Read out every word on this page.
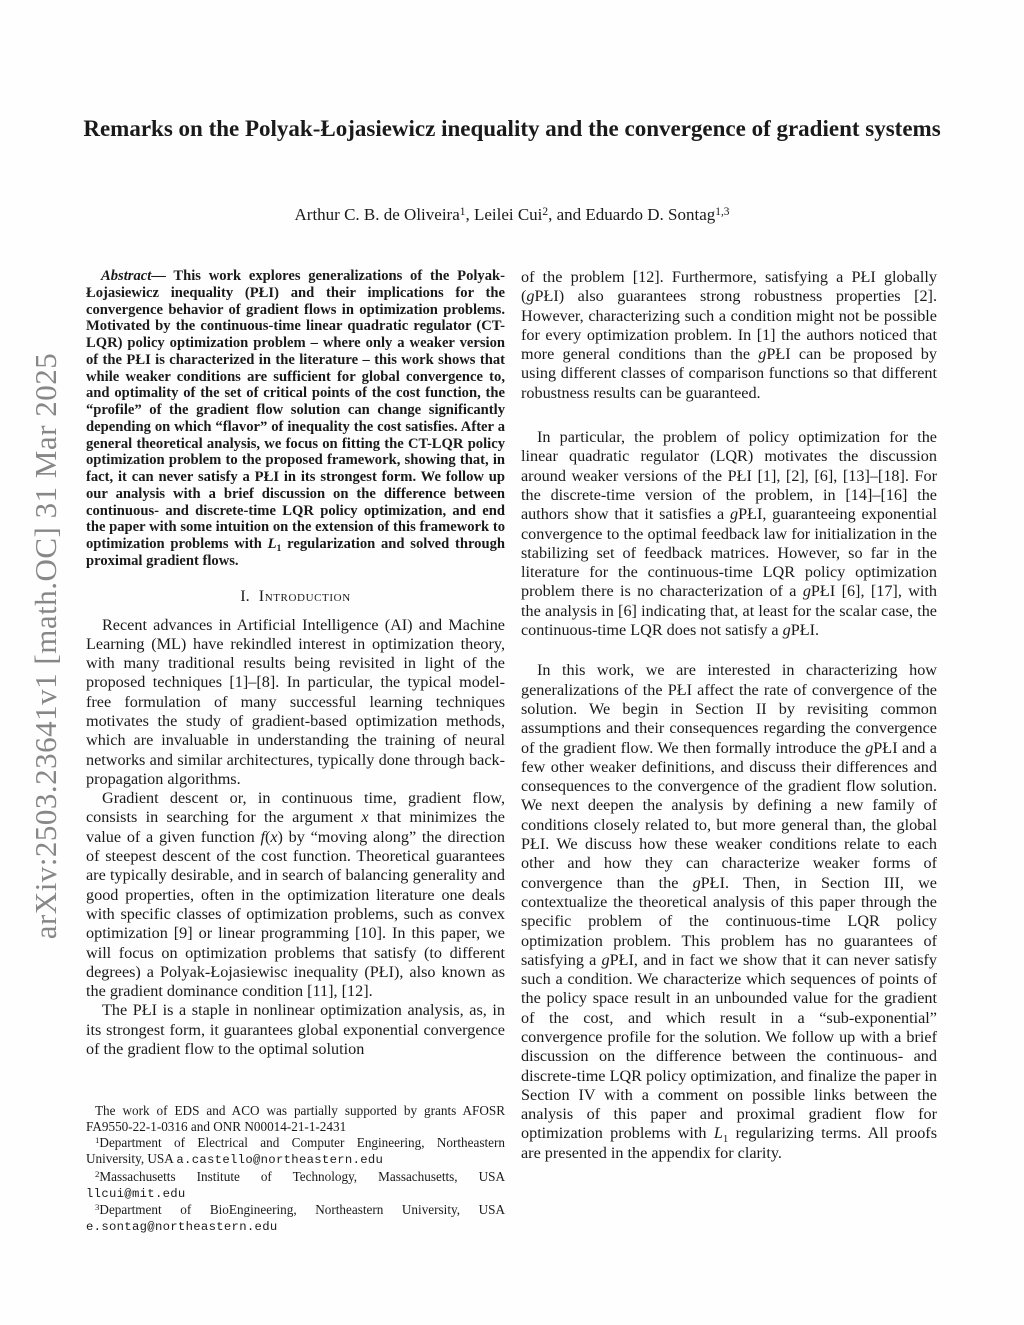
arXiv:2503.23641v1 [math.OC] 31 Mar 2025
Remarks on the Polyak-Łojasiewicz inequality and the convergence of gradient systems
Arthur C. B. de Oliveira$^1$, Leilei Cui$^2$, and Eduardo D. Sontag$^{1,3}$

Abstract— This work explores generalizations of the Polyak-Łojasiewicz inequality (PŁI) and their implications for the convergence behavior of gradient flows in optimization problems. Motivated by the continuous-time linear quadratic regulator (CT-LQR) policy optimization problem – where only a weaker version of the PŁI is characterized in the literature – this work shows that while weaker conditions are sufficient for global convergence to, and optimality of the set of critical points of the cost function, the “profile” of the gradient flow solution can change significantly depending on which “flavor” of inequality the cost satisfies. After a general theoretical analysis, we focus on fitting the CT-LQR policy optimization problem to the proposed framework, showing that, in fact, it can never satisfy a PŁI in its strongest form. We follow up our analysis with a brief discussion on the difference between continuous- and discrete-time LQR policy optimization, and end the paper with some intuition on the extension of this framework to optimization problems with L1 regularization and solved through proximal gradient flows.

I. Introduction

Recent advances in Artificial Intelligence (AI) and Machine Learning (ML) have rekindled interest in optimization theory, with many traditional results being revisited in light of the proposed techniques [1]–[8]. In particular, the typical model-free formulation of many successful learning techniques motivates the study of gradient-based optimization methods, which are invaluable in understanding the training of neural networks and similar architectures, typically done through back-propagation algorithms.

Gradient descent or, in continuous time, gradient flow, consists in searching for the argument x that minimizes the value of a given function f(x) by “moving along” the direction of steepest descent of the cost function. Theoretical guarantees are typically desirable, and in search of balancing generality and good properties, often in the optimization literature one deals with specific classes of optimization problems, such as convex optimization [9] or linear programming [10]. In this paper, we will focus on optimization problems that satisfy (to different degrees) a Polyak-Łojasiewisc inequality (PŁI), also known as the gradient dominance condition [11], [12].

The PŁI is a staple in nonlinear optimization analysis, as, in its strongest form, it guarantees global exponential convergence of the gradient flow to the optimal solution

of the problem [12]. Furthermore, satisfying a PŁI globally (gPŁI) also guarantees strong robustness properties [2]. However, characterizing such a condition might not be possible for every optimization problem. In [1] the authors noticed that more general conditions than the gPŁI can be proposed by using different classes of comparison functions so that different robustness results can be guaranteed.

In particular, the problem of policy optimization for the linear quadratic regulator (LQR) motivates the discussion around weaker versions of the PŁI [1], [2], [6], [13]–[18]. For the discrete-time version of the problem, in [14]–[16] the authors show that it satisfies a gPŁI, guaranteeing exponential convergence to the optimal feedback law for initialization in the stabilizing set of feedback matrices. However, so far in the literature for the continuous-time LQR policy optimization problem there is no characterization of a gPŁI [6], [17], with the analysis in [6] indicating that, at least for the scalar case, the continuous-time LQR does not satisfy a gPŁI.

In this work, we are interested in characterizing how generalizations of the PŁI affect the rate of convergence of the solution. We begin in Section II by revisiting common assumptions and their consequences regarding the convergence of the gradient flow. We then formally introduce the gPŁI and a few other weaker definitions, and discuss their differences and consequences to the convergence of the gradient flow solution. We next deepen the analysis by defining a new family of conditions closely related to, but more general than, the global PŁI. We discuss how these weaker conditions relate to each other and how they can characterize weaker forms of convergence than the gPŁI. Then, in Section III, we contextualize the theoretical analysis of this paper through the specific problem of the continuous-time LQR policy optimization problem. This problem has no guarantees of satisfying a gPŁI, and in fact we show that it can never satisfy such a condition. We characterize which sequences of points of the policy space result in an unbounded value for the gradient of the cost, and which result in a “sub-exponential” convergence profile for the solution. We follow up with a brief discussion on the difference between the continuous- and discrete-time LQR policy optimization, and finalize the paper in Section IV with a comment on possible links between the analysis of this paper and proximal gradient flow for optimization problems with L1 regularizing terms. All proofs are presented in the appendix for clarity.

The work of EDS and ACO was partially supported by grants AFOSR FA9550-22-1-0316 and ONR N00014-21-1-2431

$^1$Department of Electrical and Computer Engineering, Northeastern University, USA a.castello@northeastern.edu

$^2$Massachusetts Institute of Technology, Massachusetts, USA llcui@mit.edu

$^3$Department of BioEngineering, Northeastern University, USA e.sontag@northeastern.edu
